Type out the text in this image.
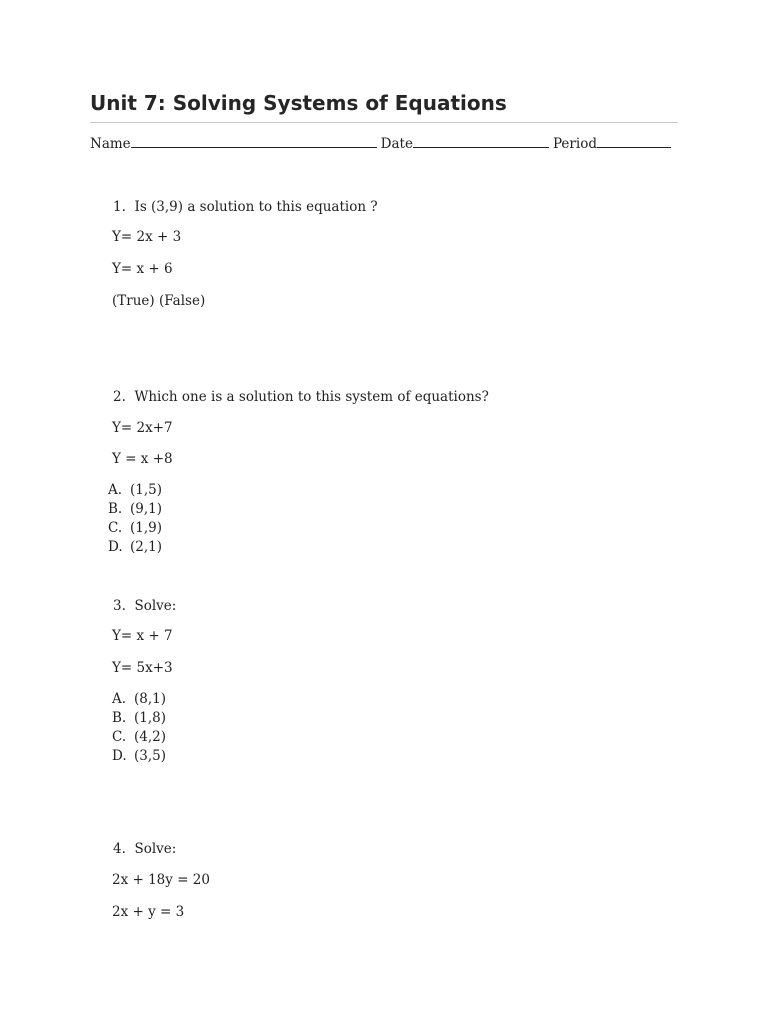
Unit 7: Solving Systems of Equations
Name	Date	Period
1. Is (3,9) a solution to this equation ?
Y= 2x + 3
Y= x + 6
(True) (False)
2. Which one is a solution to this system of equations?
Y= 2x+7
Y = x +8
A. (1,5)
B. (9,1)
C. (1,9)
D. (2,1)
3. Solve:
Y= x + 7
Y= 5x+3
A. (8,1)
B. (1,8)
C. (4,2)
D. (3,5)
4. Solve:
2x + 18y = 20
2x + y = 3
